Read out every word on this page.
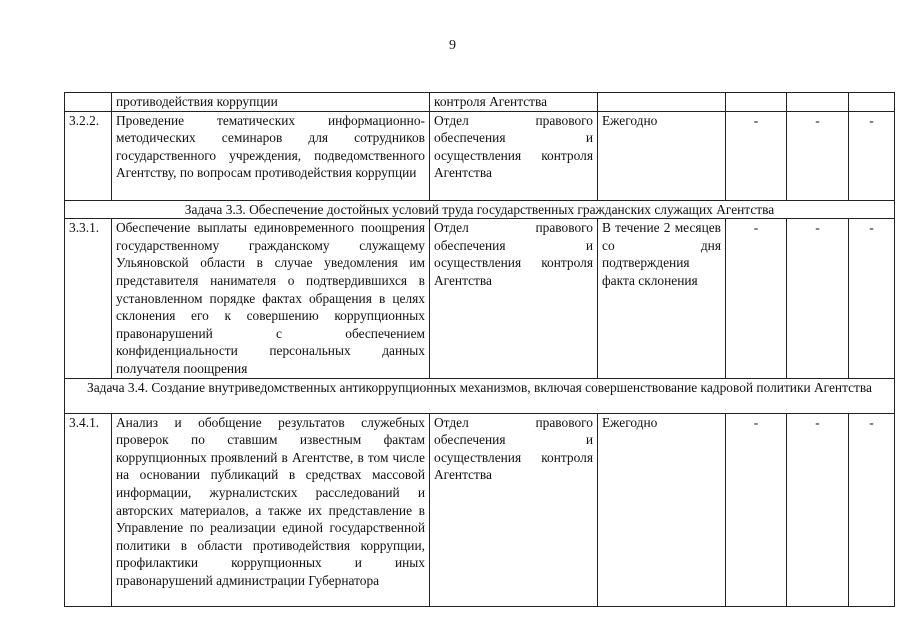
9
	противодействия коррупции	контроля Агентства				
3.2.2.	Проведение тематических информационно-методических семинаров для сотрудников государственного учреждения, подведомственного Агентству, по вопросам противодействия коррупции	Отдел правового обеспечения и осуществления контроля Агентства	Ежегодно	-	-	-
Задача 3.3. Обеспечение достойных условий труда государственных гражданских служащих Агентства						
3.3.1.	Обеспечение выплаты единовременного поощрения государственному гражданскому служащему Ульяновской области в случае уведомления им представителя нанимателя о подтвердившихся в установленном порядке фактах обращения в целях склонения его к совершению коррупционных правонарушений с обеспечением конфиденциальности персональных данных получателя поощрения	Отдел правового обеспечения и осуществления контроля Агентства	В течение 2 месяцев со дня подтверждения факта склонения	-	-	-
Задача 3.4. Создание внутриведомственных антикоррупционных механизмов, включая совершенствование кадровой политики Агентства						
3.4.1.	Анализ и обобщение результатов служебных проверок по ставшим известным фактам коррупционных проявлений в Агентстве, в том числе на основании публикаций в средствах массовой информации, журналистских расследований и авторских материалов, а также их представление в Управление по реализации единой государственной политики в области противодействия коррупции, профилактики коррупционных и иных правонарушений администрации Губернатора	Отдел правового обеспечения и осуществления контроля Агентства	Ежегодно	-	-	-
